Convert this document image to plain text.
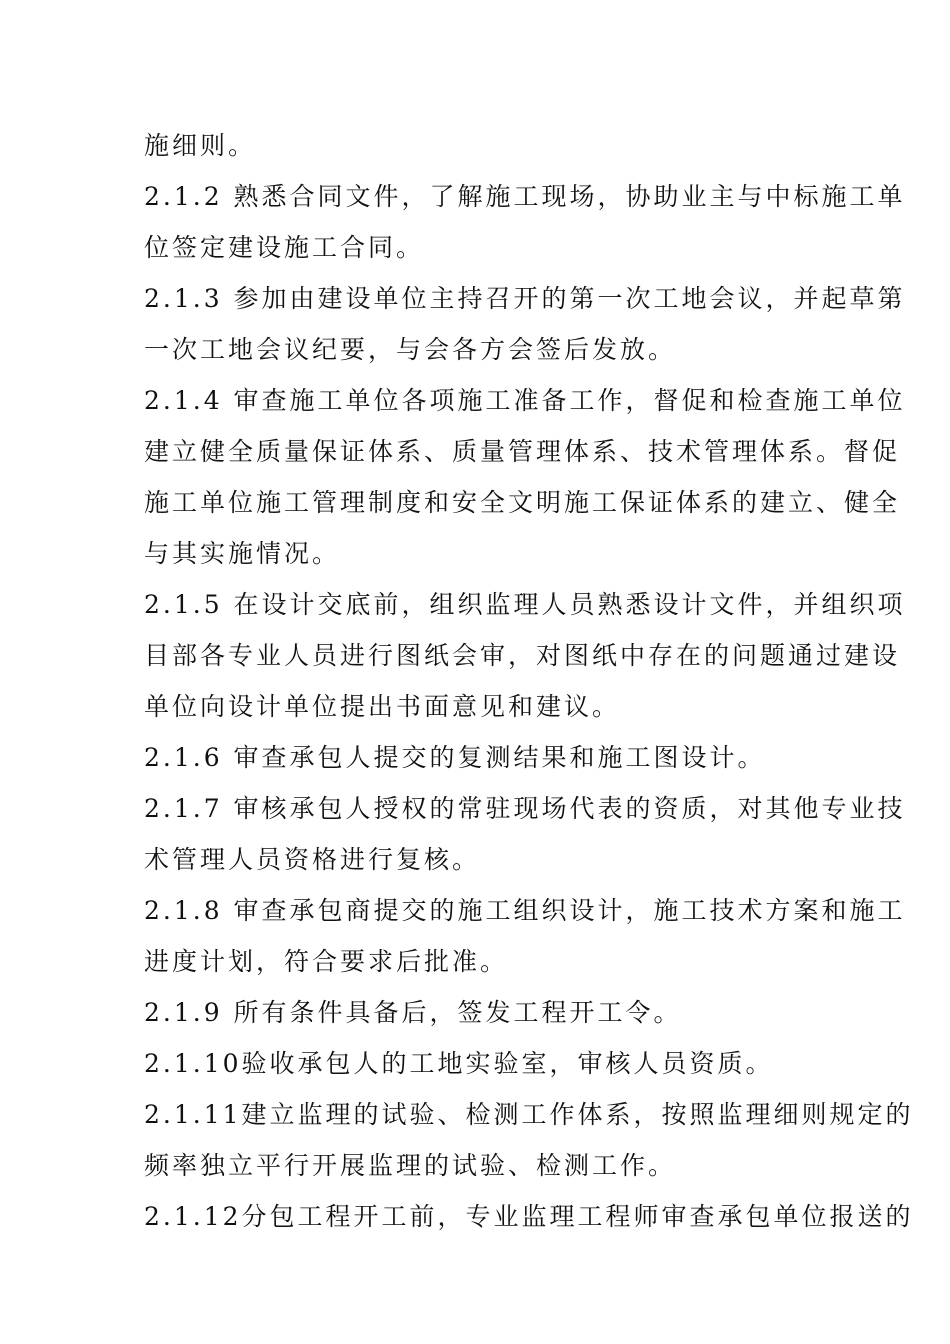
施细则。
2.1.2 熟悉合同文件，了解施工现场，协助业主与中标施工单
位签定建设施工合同。
2.1.3 参加由建设单位主持召开的第一次工地会议，并起草第
一次工地会议纪要，与会各方会签后发放。
2.1.4 审查施工单位各项施工准备工作，督促和检查施工单位
建立健全质量保证体系、质量管理体系、技术管理体系。督促
施工单位施工管理制度和安全文明施工保证体系的建立、健全
与其实施情况。
2.1.5 在设计交底前，组织监理人员熟悉设计文件，并组织项
目部各专业人员进行图纸会审，对图纸中存在的问题通过建设
单位向设计单位提出书面意见和建议。
2.1.6 审查承包人提交的复测结果和施工图设计。
2.1.7 审核承包人授权的常驻现场代表的资质，对其他专业技
术管理人员资格进行复核。
2.1.8 审查承包商提交的施工组织设计，施工技术方案和施工
进度计划，符合要求后批准。
2.1.9 所有条件具备后，签发工程开工令。
2.1.10验收承包人的工地实验室，审核人员资质。
2.1.11建立监理的试验、检测工作体系，按照监理细则规定的
频率独立平行开展监理的试验、检测工作。
2.1.12分包工程开工前，专业监理工程师审查承包单位报送的
